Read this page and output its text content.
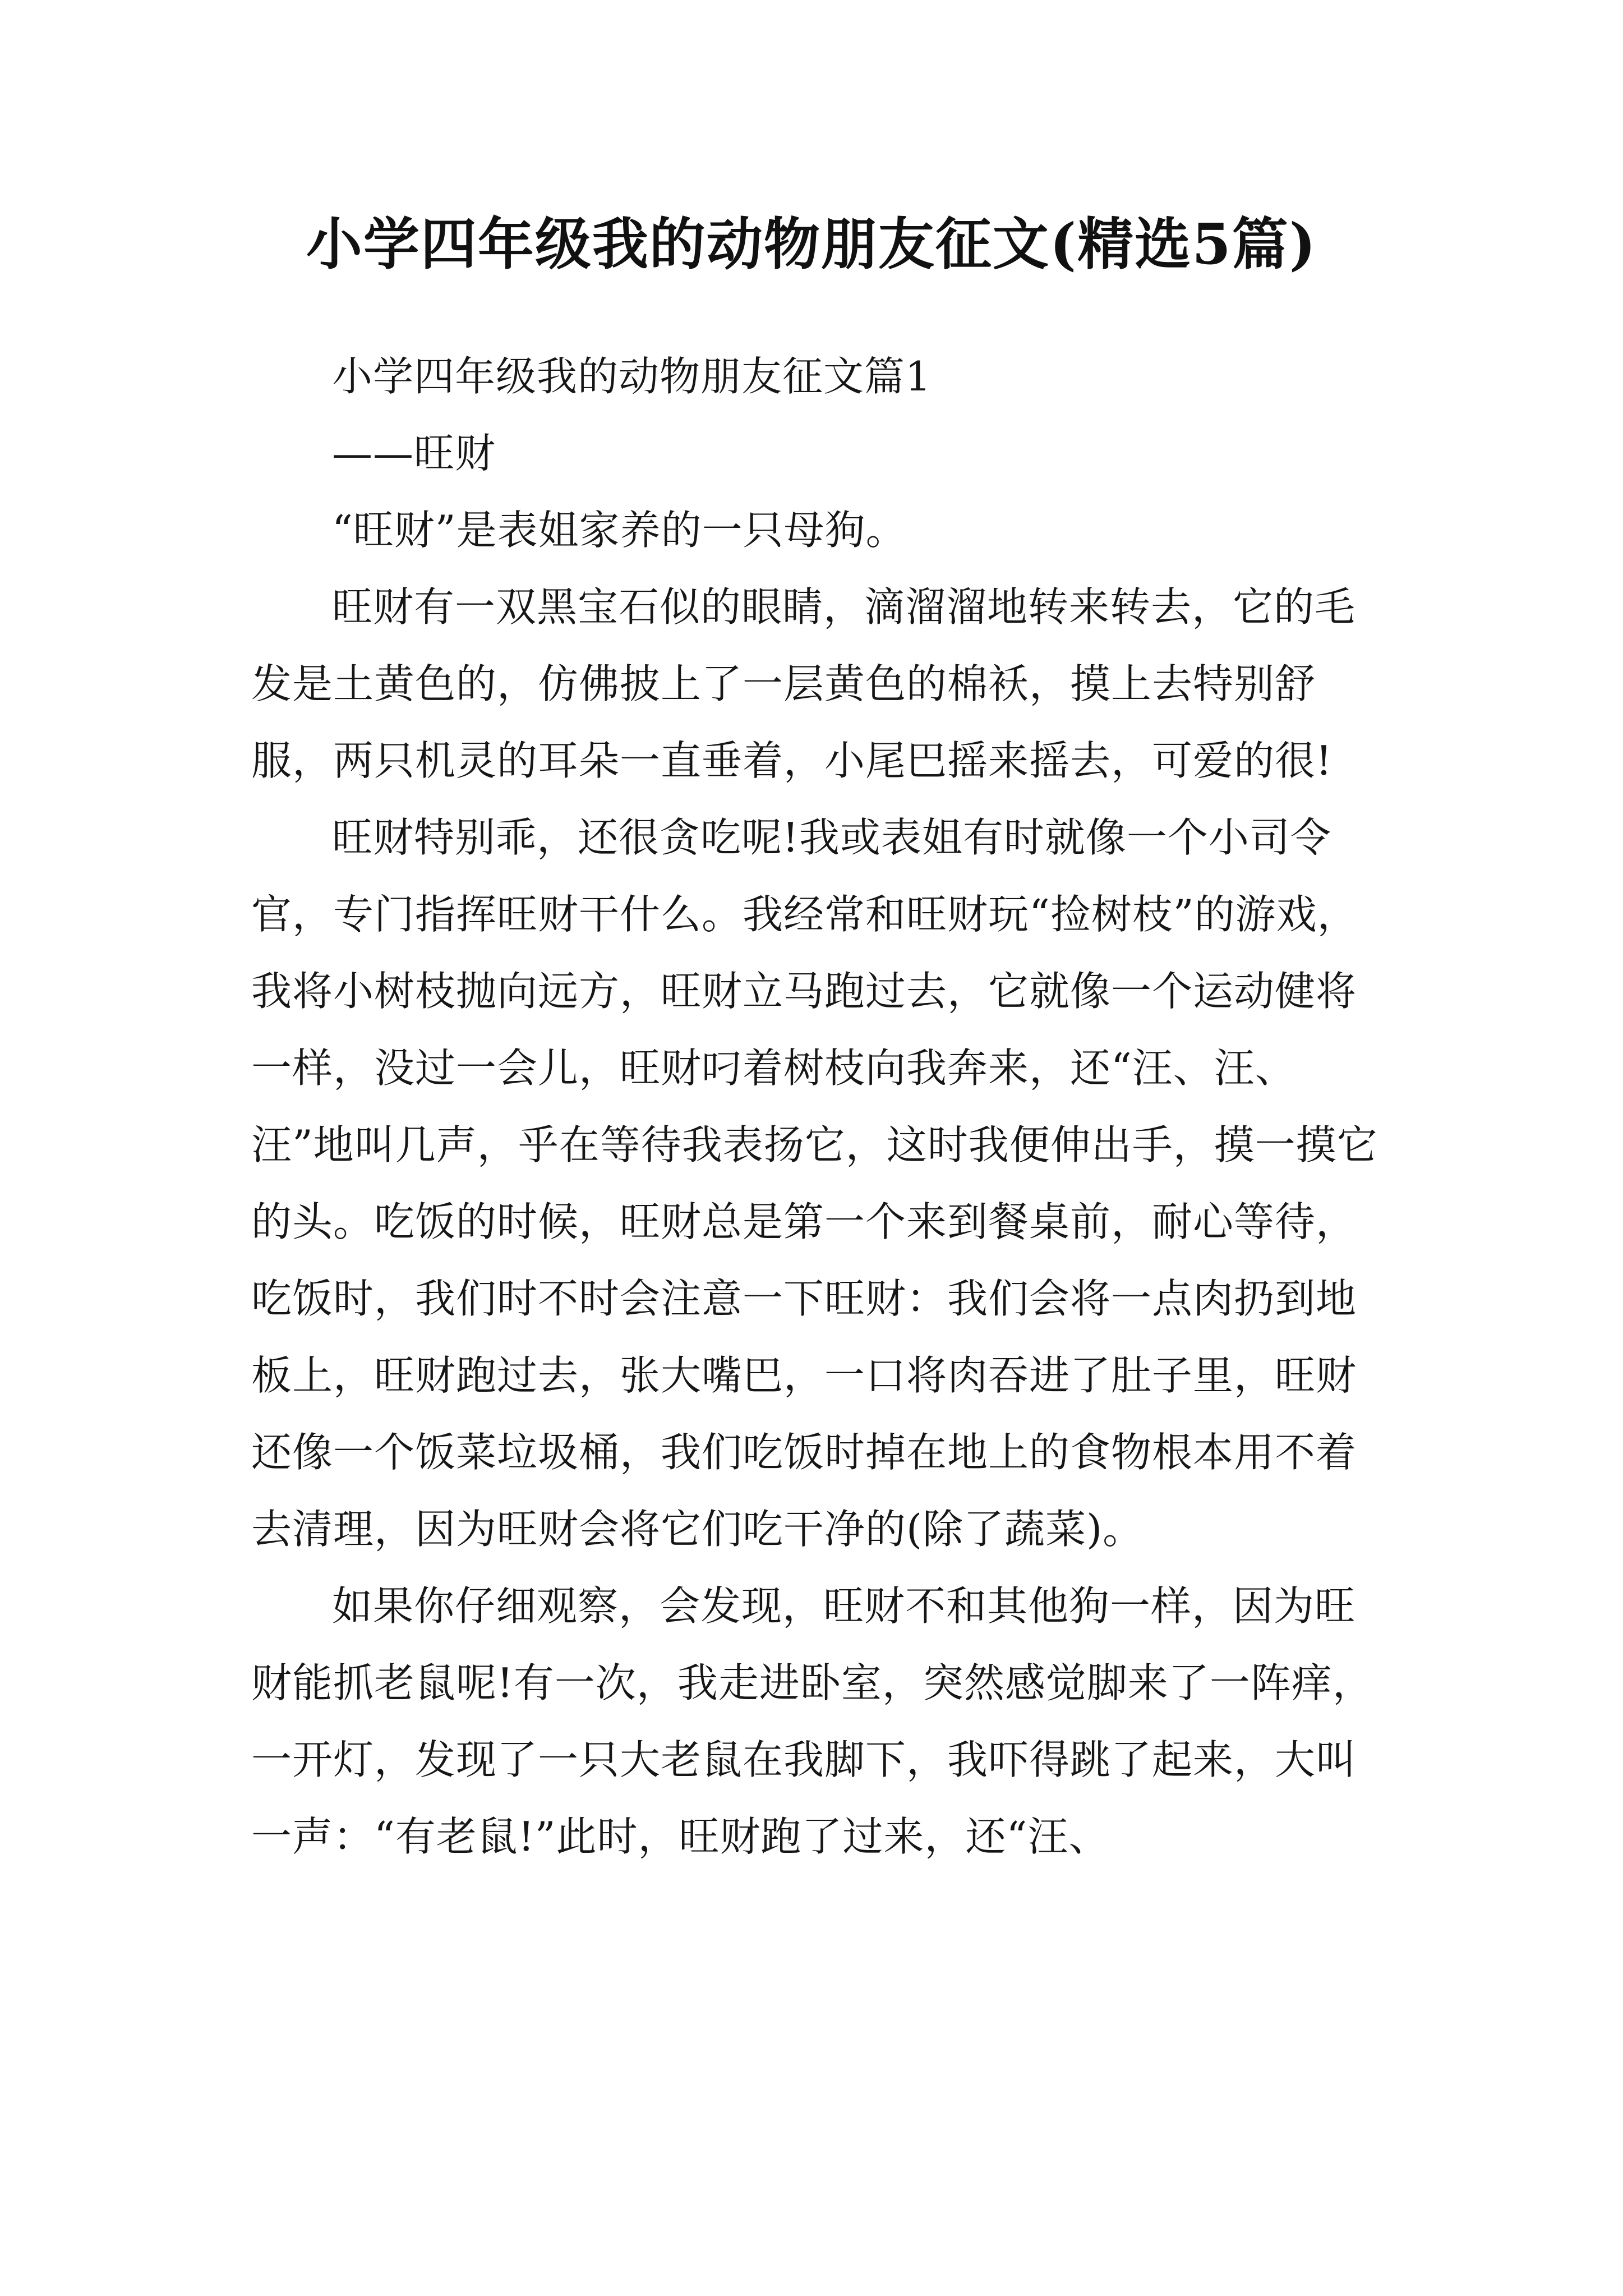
小学四年级我的动物朋友征文(精选5篇)

小学四年级我的动物朋友征文篇1

——旺财

“旺财”是表姐家养的一只母狗。

旺财有一双黑宝石似的眼睛，滴溜溜地转来转去，它的毛发是土黄色的，仿佛披上了一层黄色的棉袄，摸上去特别舒服，两只机灵的耳朵一直垂着，小尾巴摇来摇去，可爱的很!

旺财特别乖，还很贪吃呢!我或表姐有时就像一个小司令官，专门指挥旺财干什么。我经常和旺财玩“捡树枝”的游戏，我将小树枝抛向远方，旺财立马跑过去，它就像一个运动健将一样，没过一会儿，旺财叼着树枝向我奔来，还“汪、汪、汪”地叫几声，乎在等待我表扬它，这时我便伸出手，摸一摸它的头。吃饭的时候，旺财总是第一个来到餐桌前，耐心等待，吃饭时，我们时不时会注意一下旺财：我们会将一点肉扔到地板上，旺财跑过去，张大嘴巴，一口将肉吞进了肚子里，旺财还像一个饭菜垃圾桶，我们吃饭时掉在地上的食物根本用不着去清理，因为旺财会将它们吃干净的(除了蔬菜)。

如果你仔细观察，会发现，旺财不和其他狗一样，因为旺财能抓老鼠呢!有一次，我走进卧室，突然感觉脚来了一阵痒，一开灯，发现了一只大老鼠在我脚下，我吓得跳了起来，大叫一声：“有老鼠!”此时，旺财跑了过来，还“汪、
